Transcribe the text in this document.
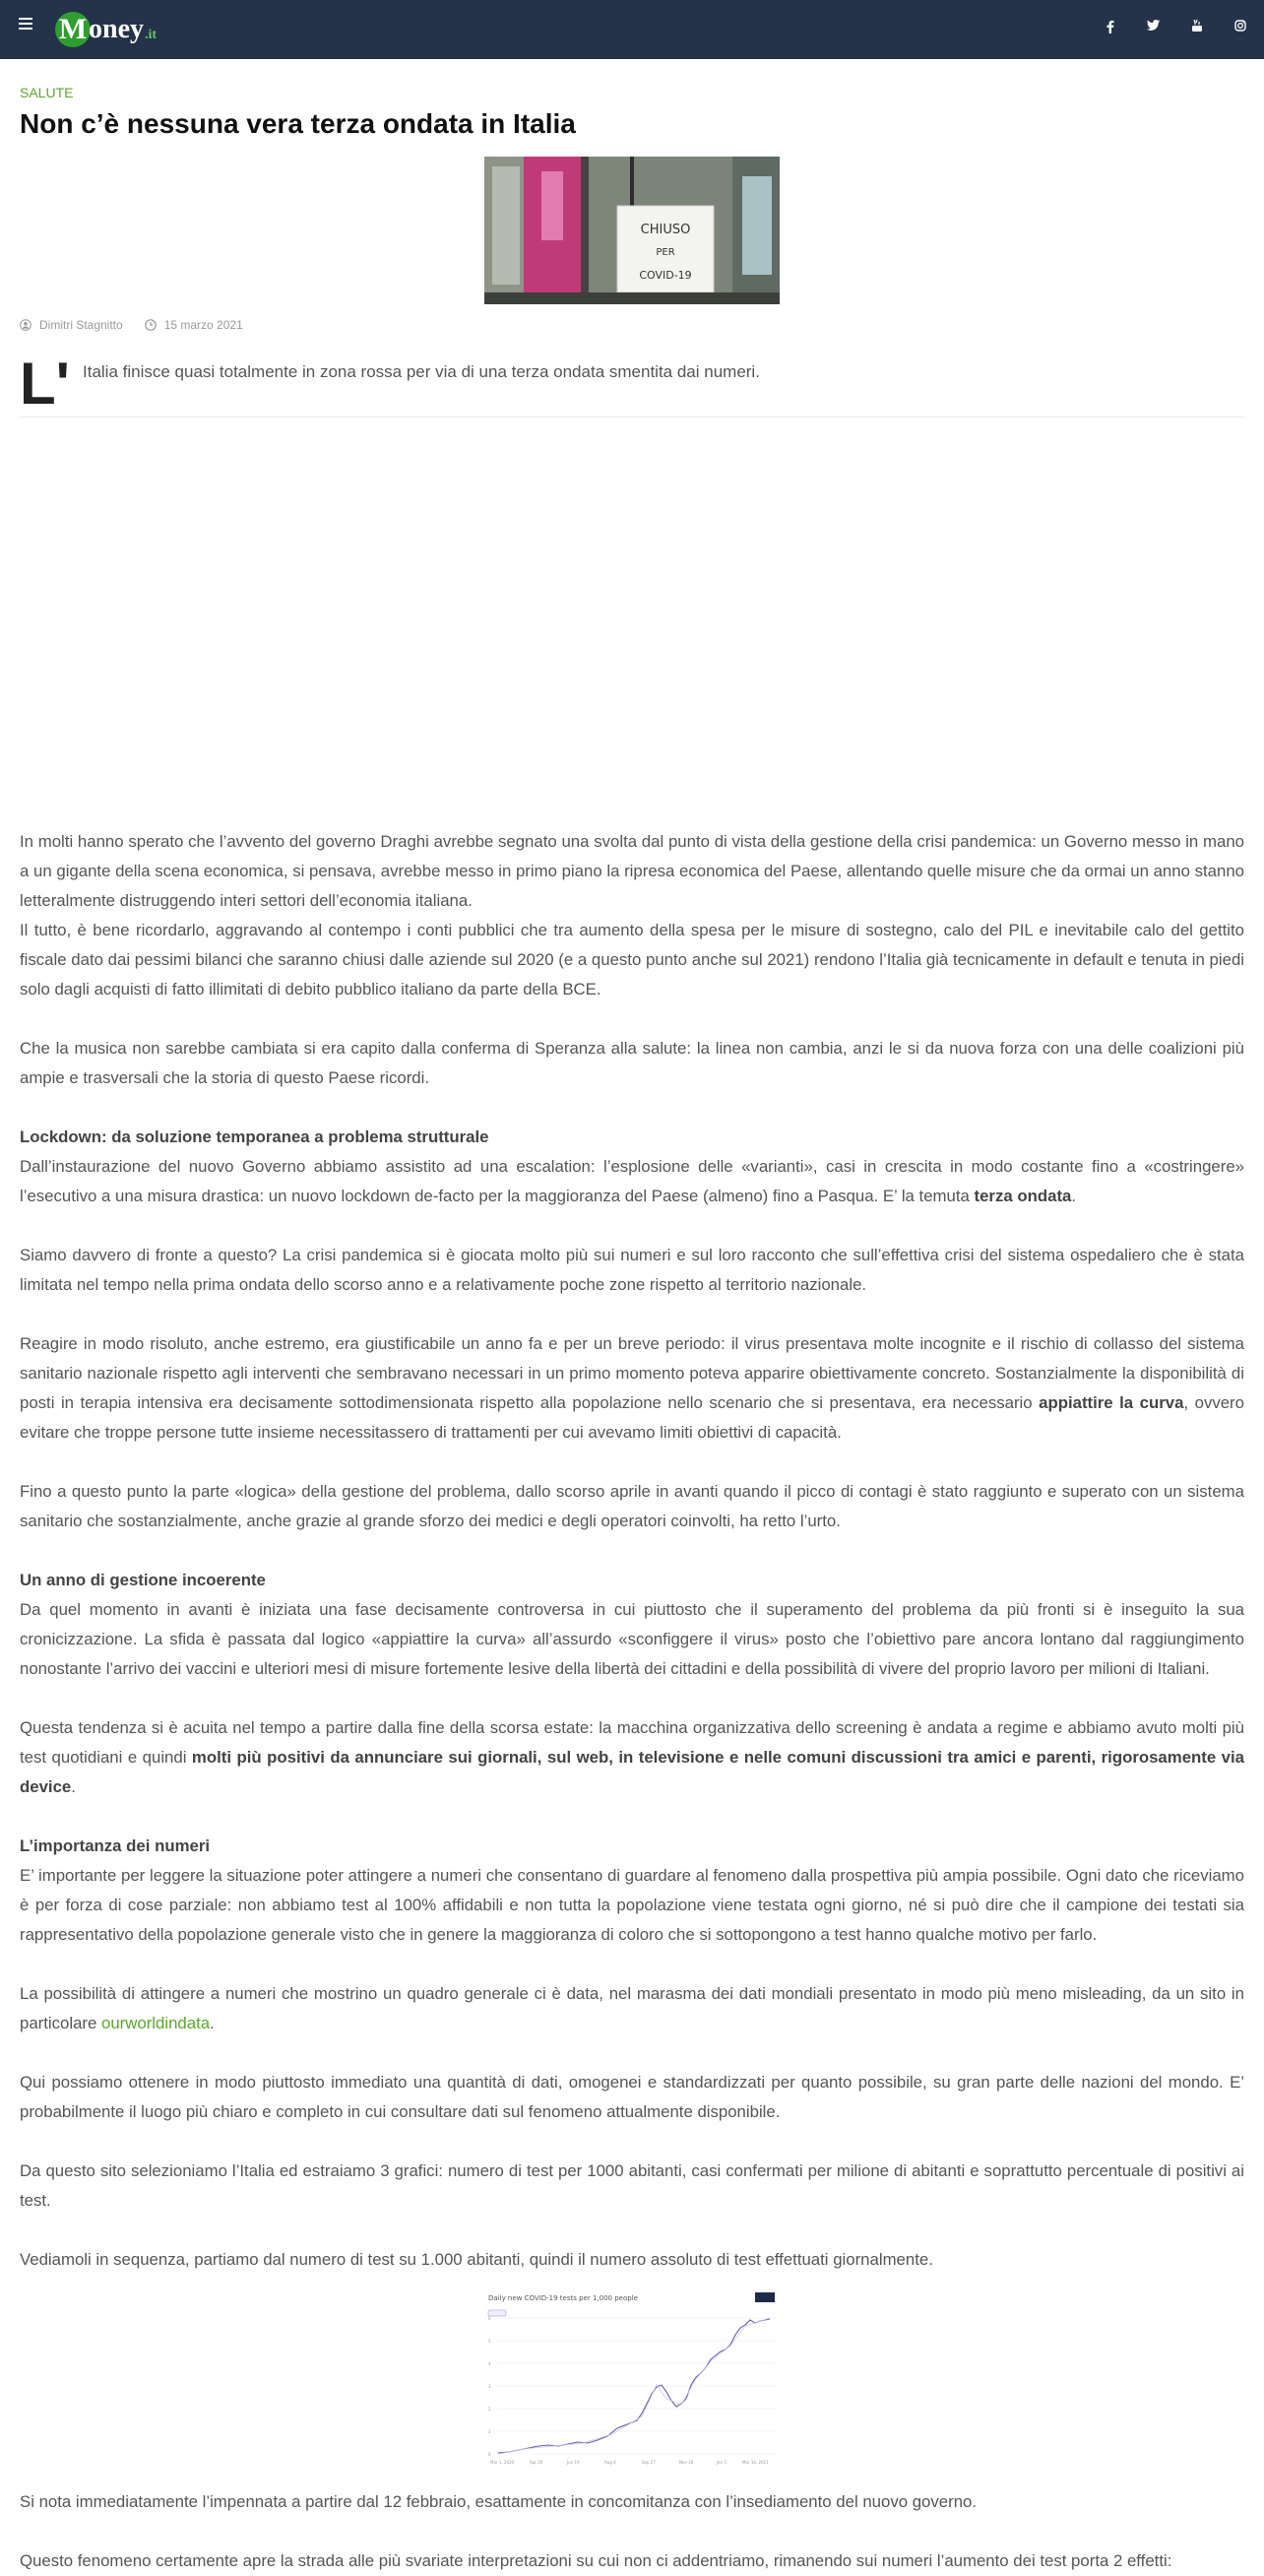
M oney .it
SALUTE
Non c’è nessuna vera terza ondata in Italia
CHIUSO
PER
COVID-19
Dimitri Stagnitto	15 marzo 2021
L' Italia finisce quasi totalmente in zona rossa per via di una terza ondata smentita dai numeri.

In molti hanno sperato che l’avvento del governo Draghi avrebbe segnato una svolta dal punto di vista della gestione della crisi pandemica: un Governo messo in mano a un gigante della scena economica, si pensava, avrebbe messo in primo piano la ripresa economica del Paese, allentando quelle misure che da ormai un anno stanno letteralmente distruggendo interi settori dell’economia italiana.

Il tutto, è bene ricordarlo, aggravando al contempo i conti pubblici che tra aumento della spesa per le misure di sostegno, calo del PIL e inevitabile calo del gettito fiscale dato dai pessimi bilanci che saranno chiusi dalle aziende sul 2020 (e a questo punto anche sul 2021) rendono l’Italia già tecnicamente in default e tenuta in piedi solo dagli acquisti di fatto illimitati di debito pubblico italiano da parte della BCE.

Che la musica non sarebbe cambiata si era capito dalla conferma di Speranza alla salute: la linea non cambia, anzi le si da nuova forza con una delle coalizioni più ampie e trasversali che la storia di questo Paese ricordi.

Lockdown: da soluzione temporanea a problema strutturale

Dall’instaurazione del nuovo Governo abbiamo assistito ad una escalation: l’esplosione delle «varianti», casi in crescita in modo costante fino a «costringere» l’esecutivo a una misura drastica: un nuovo lockdown de-facto per la maggioranza del Paese (almeno) fino a Pasqua. E’ la temuta terza ondata.

Siamo davvero di fronte a questo? La crisi pandemica si è giocata molto più sui numeri e sul loro racconto che sull’effettiva crisi del sistema ospedaliero che è stata limitata nel tempo nella prima ondata dello scorso anno e a relativamente poche zone rispetto al territorio nazionale.

Reagire in modo risoluto, anche estremo, era giustificabile un anno fa e per un breve periodo: il virus presentava molte incognite e il rischio di collasso del sistema sanitario nazionale rispetto agli interventi che sembravano necessari in un primo momento poteva apparire obiettivamente concreto. Sostanzialmente la disponibilità di posti in terapia intensiva era decisamente sottodimensionata rispetto alla popolazione nello scenario che si presentava, era necessario appiattire la curva, ovvero evitare che troppe persone tutte insieme necessitassero di trattamenti per cui avevamo limiti obiettivi di capacità.

Fino a questo punto la parte «logica» della gestione del problema, dallo scorso aprile in avanti quando il picco di contagi è stato raggiunto e superato con un sistema sanitario che sostanzialmente, anche grazie al grande sforzo dei medici e degli operatori coinvolti, ha retto l’urto.

Un anno di gestione incoerente

Da quel momento in avanti è iniziata una fase decisamente controversa in cui piuttosto che il superamento del problema da più fronti si è inseguito la sua cronicizzazione. La sfida è passata dal logico «appiattire la curva» all’assurdo «sconfiggere il virus» posto che l’obiettivo pare ancora lontano dal raggiungimento nonostante l’arrivo dei vaccini e ulteriori mesi di misure fortemente lesive della libertà dei cittadini e della possibilità di vivere del proprio lavoro per milioni di Italiani.

Questa tendenza si è acuita nel tempo a partire dalla fine della scorsa estate: la macchina organizzativa dello screening è andata a regime e abbiamo avuto molti più test quotidiani e quindi molti più positivi da annunciare sui giornali, sul web, in televisione e nelle comuni discussioni tra amici e parenti, rigorosamente via device.

L’importanza dei numeri

E’ importante per leggere la situazione poter attingere a numeri che consentano di guardare al fenomeno dalla prospettiva più ampia possibile. Ogni dato che riceviamo è per forza di cose parziale: non abbiamo test al 100% affidabili e non tutta la popolazione viene testata ogni giorno, né si può dire che il campione dei testati sia rappresentativo della popolazione generale visto che in genere la maggioranza di coloro che si sottopongono a test hanno qualche motivo per farlo.

La possibilità di attingere a numeri che mostrino un quadro generale ci è data, nel marasma dei dati mondiali presentato in modo più meno misleading, da un sito in particolare ourworldindata.

Qui possiamo ottenere in modo piuttosto immediato una quantità di dati, omogenei e standardizzati per quanto possibile, su gran parte delle nazioni del mondo. E’ probabilmente il luogo più chiaro e completo in cui consultare dati sul fenomeno attualmente disponibile.

Da questo sito selezioniamo l’Italia ed estraiamo 3 grafici: numero di test per 1000 abitanti, casi confermati per milione di abitanti e soprattutto percentuale di positivi ai test.

Vediamoli in sequenza, partiamo dal numero di test su 1.000 abitanti, quindi il numero assoluto di test effettuati giornalmente.

Daily new COVID-19 tests per 1,000 people
0
1
2
3
4
5
6
Mar 1, 2020	Apr 20	Jun 19	Aug 8	Sep 27	Nov 16	Jan 5	Mar 14, 2021

Si nota immediatamente l’impennata a partire dal 12 febbraio, esattamente in concomitanza con l’insediamento del nuovo governo.

Questo fenomeno certamente apre la strada alle più svariate interpretazioni su cui non ci addentriamo, rimanendo sui numeri l’aumento dei test porta 2 effetti:
